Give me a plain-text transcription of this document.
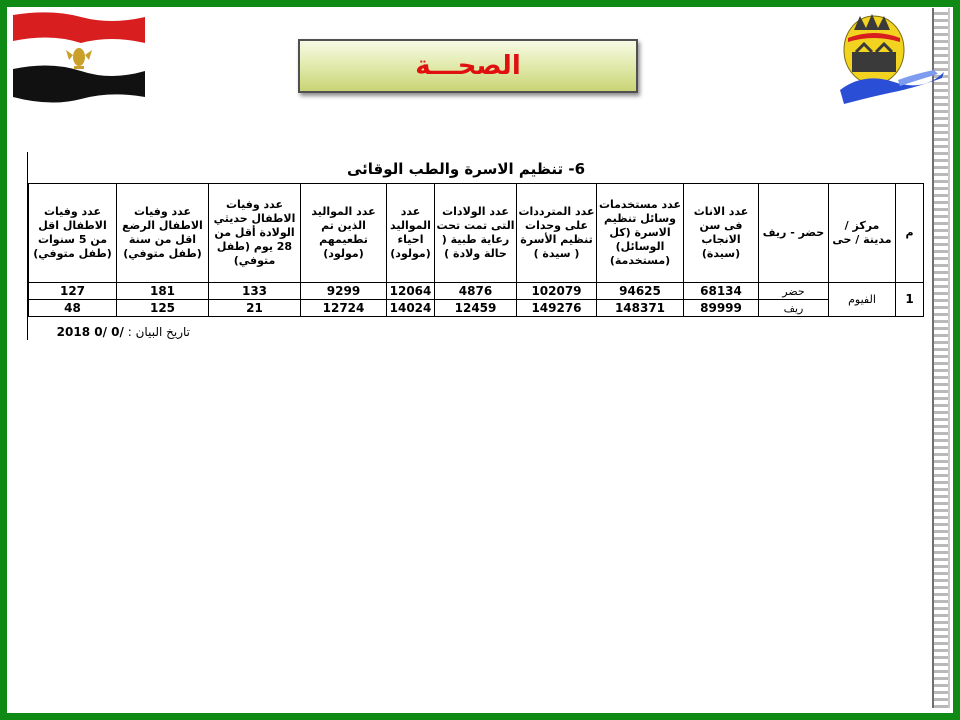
الصحـــة
6- تنظيم الاسرة والطب الوقائى
م	مركز / مدينة / حى	حضر - ريف	عدد الاناث فى سن الانجاب (سيدة)	عدد مستخدمات وسائل تنظيم الاسرة (كل الوسائل) (مستخدمة)	عدد المترددات على وحدات تنظيم الأسرة ( سيدة )	عدد الولادات التى تمت تحت رعاية طبية ( حالة ولادة )	عدد المواليد احياء (مولود)	عدد المواليد الذين تم تطعيمهم (مولود)	عدد وفيات الاطفال حديثي الولادة أقل من 28 يوم (طفل متوفي)	عدد وفيات الاطفال الرضع اقل من سنة (طفل متوفي)	عدد وفيات الاطفال اقل من 5 سنوات (طفل متوفي)
1	الفيوم	حضر	68134	94625	102079	4876	12064	9299	133	181	127
		ريف	89999	148371	149276	12459	14024	12724	21	125	48
تاريخ البيان : /0 /0 2018
